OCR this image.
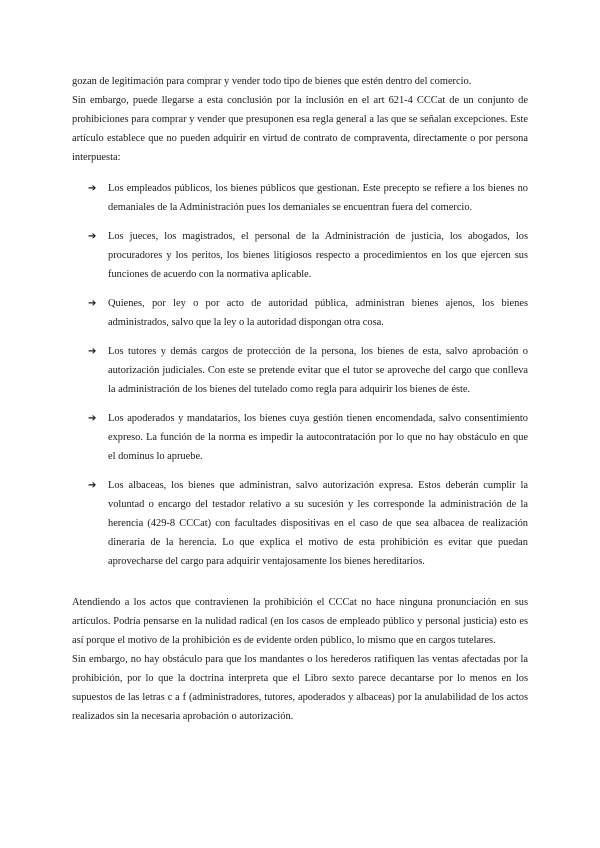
gozan de legitimación para comprar y vender todo tipo de bienes que estén dentro del comercio.

Sin embargo, puede llegarse a esta conclusión por la inclusión en el art 621-4 CCCat de un conjunto de prohibiciones para comprar y vender que presuponen esa regla general a las que se señalan excepciones. Este artículo establece que no pueden adquirir en virtud de contrato de compraventa, directamente o por persona interpuesta:

➔ Los empleados públicos, los bienes públicos que gestionan. Este precepto se refiere a los bienes no demaniales de la Administración pues los demaniales se encuentran fuera del comercio.
➔ Los jueces, los magistrados, el personal de la Administración de justicia, los abogados, los procuradores y los peritos, los bienes litigiosos respecto a procedimientos en los que ejercen sus funciones de acuerdo con la normativa aplicable.
➔ Quienes, por ley o por acto de autoridad pública, administran bienes ajenos, los bienes administrados, salvo que la ley o la autoridad dispongan otra cosa.
➔ Los tutores y demás cargos de protección de la persona, los bienes de esta, salvo aprobación o autorización judiciales. Con este se pretende evitar que el tutor se aproveche del cargo que conlleva la administración de los bienes del tutelado como regla para adquirir los bienes de éste.
➔ Los apoderados y mandatarios, los bienes cuya gestión tienen encomendada, salvo consentimiento expreso. La función de la norma es impedir la autocontratación por lo que no hay obstáculo en que el dominus lo apruebe.
➔ Los albaceas, los bienes que administran, salvo autorización expresa. Estos deberán cumplir la voluntad o encargo del testador relativo a su sucesión y les corresponde la administración de la herencia (429-8 CCCat) con facultades dispositivas en el caso de que sea albacea de realización dineraria de la herencia. Lo que explica el motivo de esta prohibición es evitar que puedan aprovecharse del cargo para adquirir ventajosamente los bienes hereditarios.

Atendiendo a los actos que contravienen la prohibición el CCCat no hace ninguna pronunciación en sus artículos. Podría pensarse en la nulidad radical (en los casos de empleado público y personal justicia) esto es así porque el motivo de la prohibición es de evidente orden público, lo mismo que en cargos tutelares.

Sin embargo, no hay obstáculo para que los mandantes o los herederos ratifiquen las ventas afectadas por la prohibición, por lo que la doctrina interpreta que el Libro sexto parece decantarse por lo menos en los supuestos de las letras c a f (administradores, tutores, apoderados y albaceas) por la anulabilidad de los actos realizados sin la necesaria aprobación o autorización.
